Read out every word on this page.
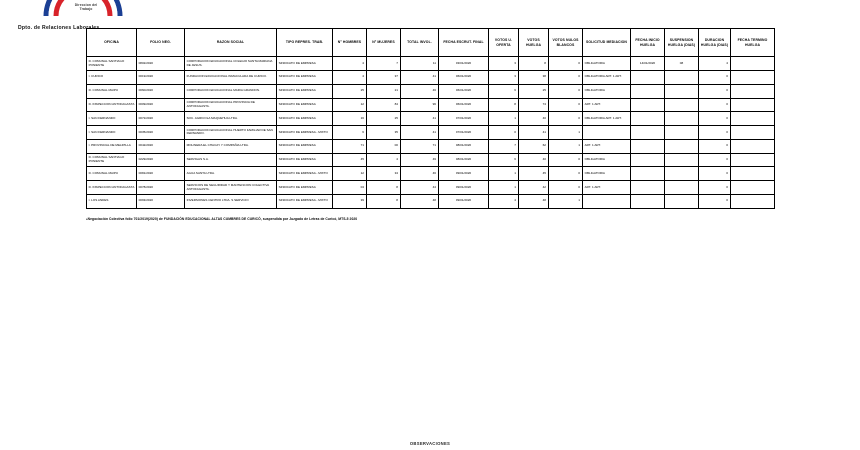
Direccion del
Trabajo
Dpto. de Relaciones Laborales.
OFICINA	FOLIO NEG.	RAZON SOCIAL	TIPO REPRES. TRAB.	N° HOMBRES	N° MUJERES	TOTAL INVOL.	FECHA ESCRUT. FINAL	VOTOS U. OFERTA	VOTOS HUELGA	VOTOS NULOS BLANCOS	SOLICITUD MEDIACION	FECHA INICIO HUELGA	SUSPENSION HUELGA (DIAS)	DURACION HUELGA (DIAS)	FECHA TERMINO HUELGA
D. COMUNAL SANTIAGO PONIENTE	0802/2020	CORPORACION EDUCACIONAL COLEGIO SANTA MARIANA DE JESUS.	SINDICATO DE EMPRESA	4	7	11	03/01/2020	3	8	0	OBLIGATORIA	14/01/2020	08	4	
I. CURICO	0019/2020	FUNDACION EDUCACIONAL INMACULADA DE CURICO.	SINDICATO DE EMPRESA	4	37	41	06/01/2020	3	38	0	OBLIGATORIA ART. 1 ART.			0	
D. COMUNAL MAIPU	0060/2020	CORPORACION EDUCACIONAL MARIA GRANDON.	SINDICATO DE EMPRESA	25	21	46	06/01/2020	6	25	0	OBLIGATORIA			0	
D. INSPECCION ANTOFAGASTA	0009/2020	CORPORACION EDUCACIONAL PROVINCIA DE ANTOFAGASTA.	SINDICATO DE EMPRESA	12	84	96	06/01/2020	8	74	0	ART. 1 ART.			0	
I. SAN FERNANDO	0072/2020	SOC. AGRICOLA MAQUEHUA LTDA.	SINDICATO DE EMPRESA	16	25	41	07/01/2020	1	40	0	OBLIGATORIA ART. 1 ART.			0	
I. SAN FERNANDO	0035/2020	CORPORACION EDUCACIONAL HUERTO FAMILIAR DE SAN FERNANDO.	SINDICATO DE EMPRESA - MIXTO	6	35	41	07/01/2020	0	41	1				0	
I. PROVINCIAL DE MELIPILLA	0042/2020	MOLINERA EL CHACAY Y COMPAÑIA LTDA.	SINDICATO DE EMPRESA	71	00	71	08/01/2020	7	62	1	ART. 1 ART.			0	
D. COMUNAL SANTIAGO PONIENTE	0229/2020	SERVIGAS S.A.	SINDICATO DE EMPRESA	45	4	49	08/01/2020	6	40	0	OBLIGATORIA			0	
D. COMUNAL MAIPU	0081/2020	AGUA SANTA LTDA.	SINDICATO DE EMPRESA - MIXTO	12	34	46	09/01/2020	1	45	0	OBLIGATORIA			0	
D. INSPECCION ANTOFAGASTA	0078/2020	SERVICIOS DE SEGURIDAD Y MANTENCION COLECTIVA ANTOFAGASTA.	SINDICATO DE EMPRESA	04	8	44	09/01/2020	1	42	0	ART. 1 ART.			0	
I. LOS ANDES	0093/2020	INVERSIONES CENTRO LTDA. S SERVICIO	SINDICATO DE EMPRESA - MIXTO	39	8	48	09/01/2020	4	48	1				0	
*Negociación Colectiva folio 701/2019(2020) de FUNDACIÓN EDUCACIONAL ALTAS CUMBRES DE CURICÓ, suspendida por Juzgado de Letras de Curicó, MTS-5 2020
OBSERVACIONES
